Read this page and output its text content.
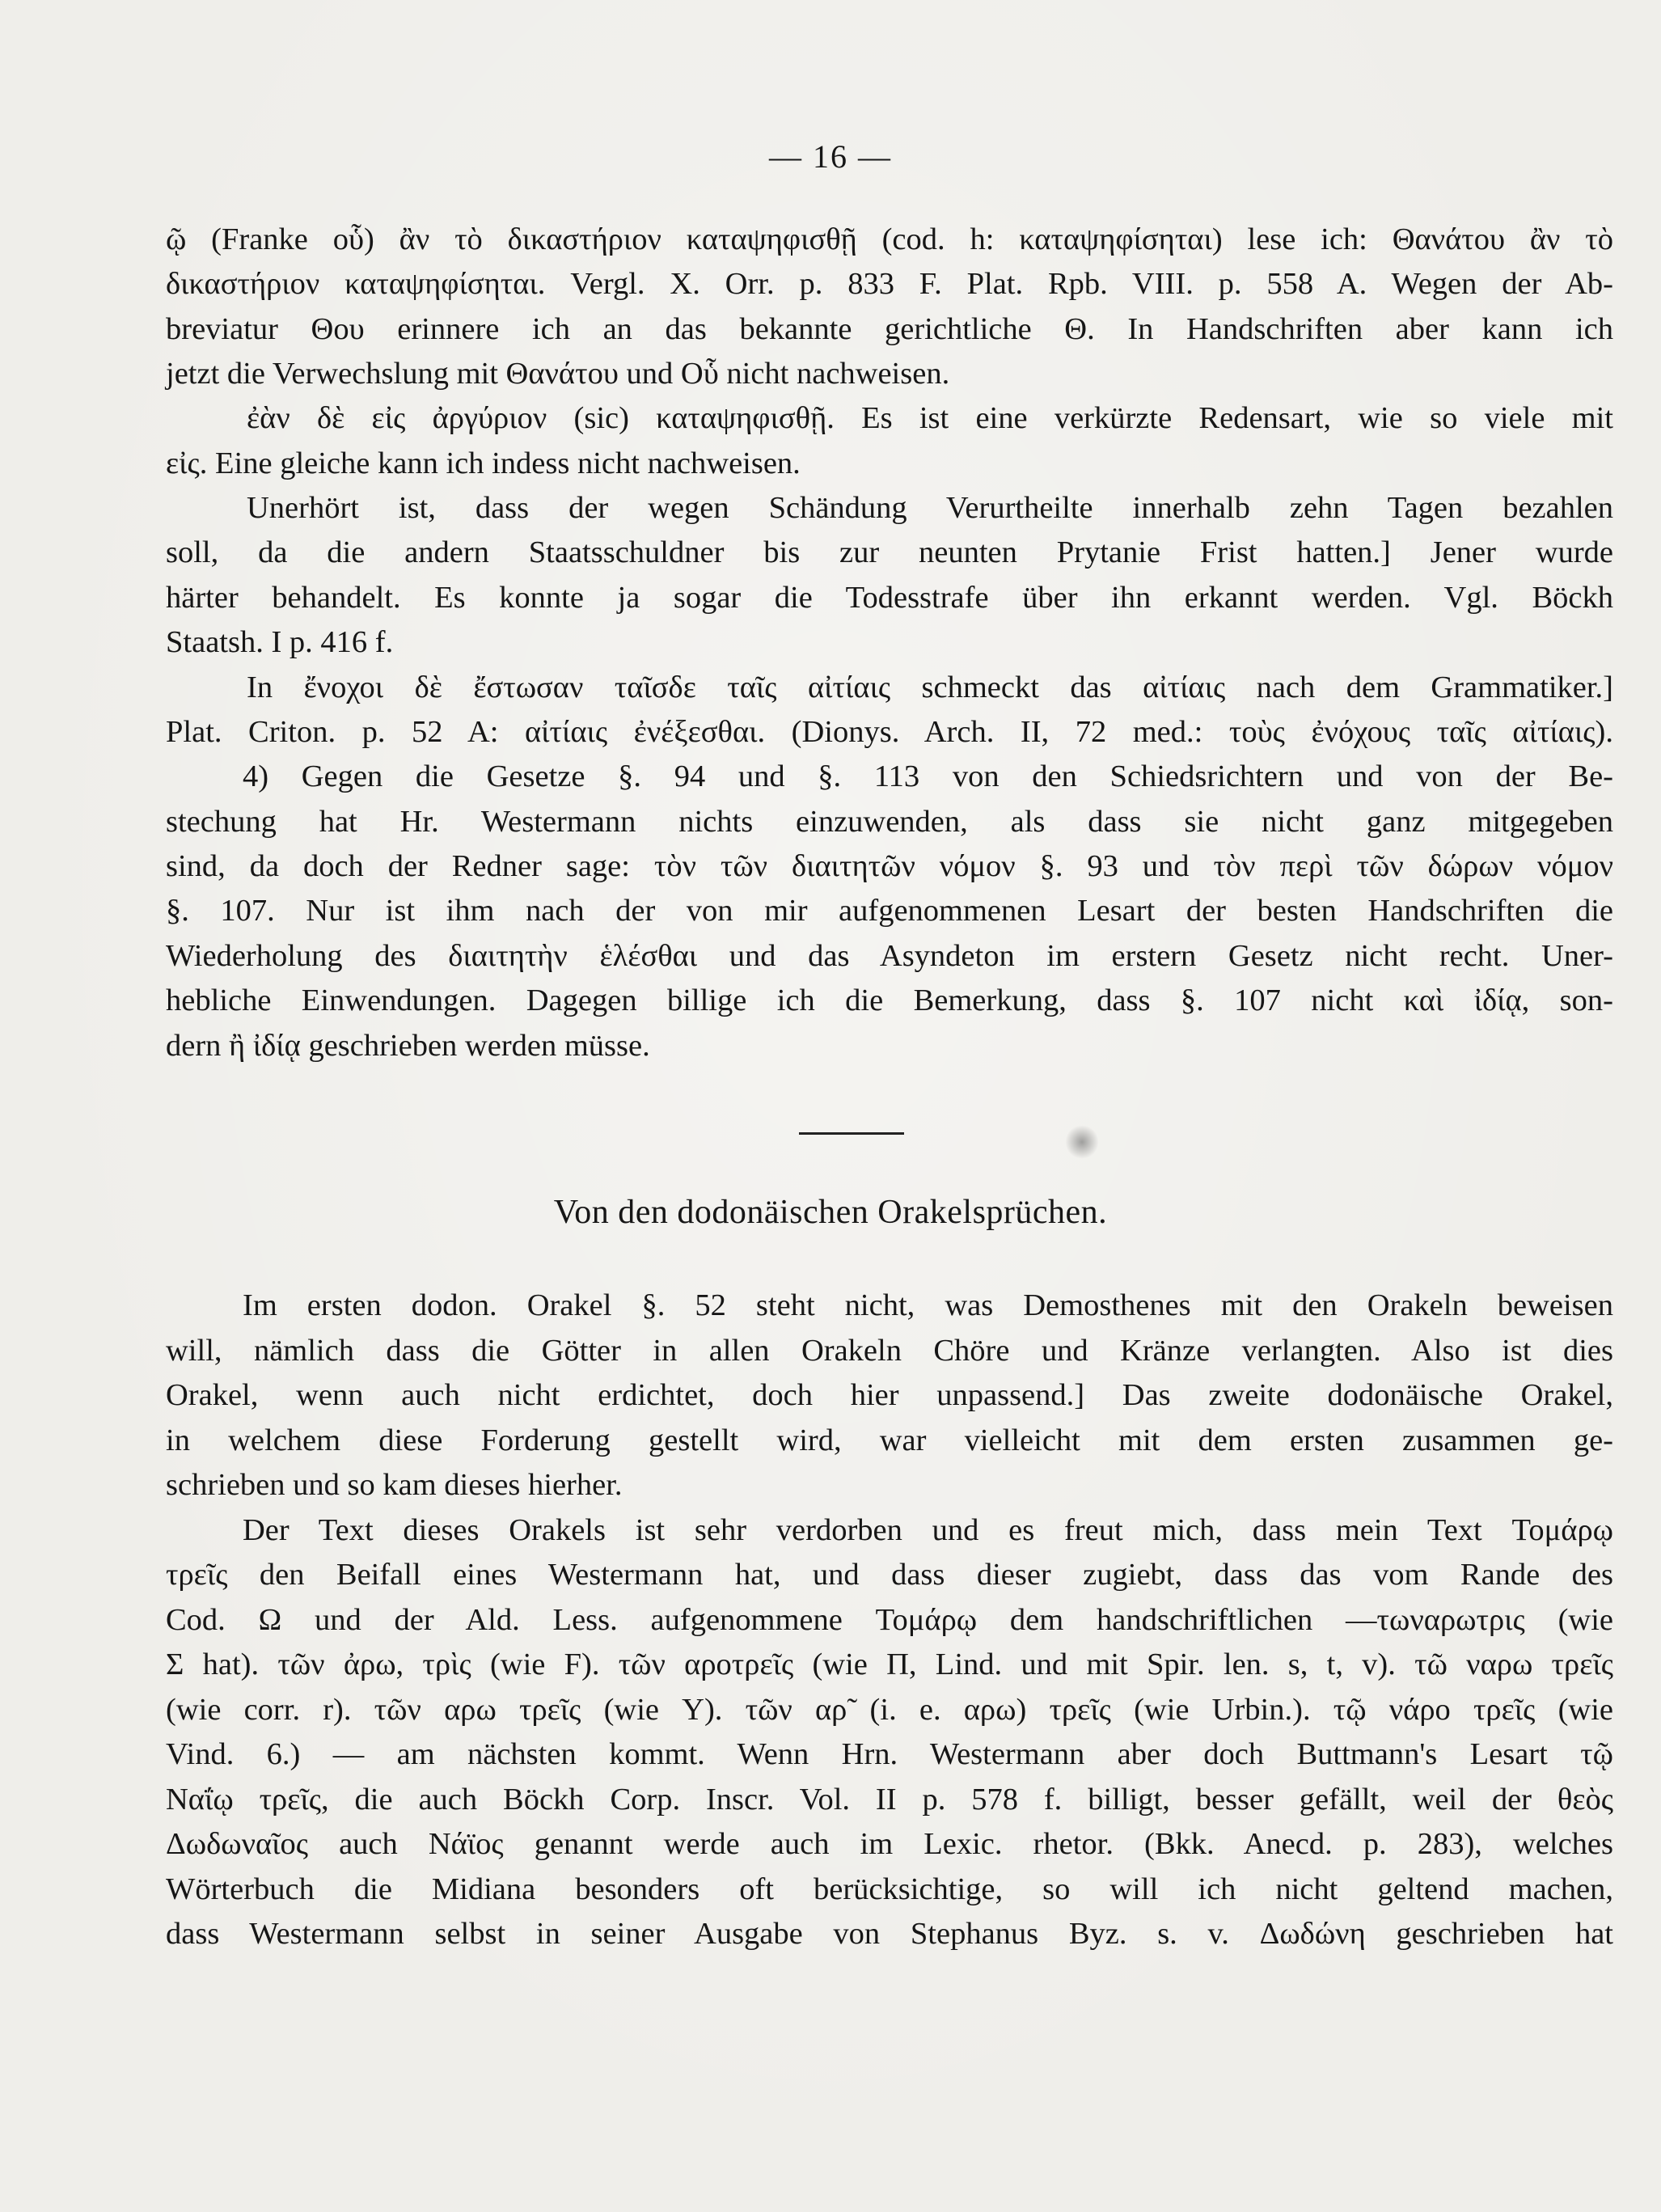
— 16 —
ῷ (Franke οὗ) ἂν τὸ δικαστήριον καταψηφισθῇ (cod. h: καταψηφίσηται) lese ich: Θανάτου ἂν τὸ
δικαστήριον καταψηφίσηται. Vergl. X. Orr. p. 833 F. Plat. Rpb. VIII. p. 558 A. Wegen der Ab-
breviatur Θου erinnere ich an das bekannte gerichtliche Θ. In Handschriften aber kann ich
jetzt die Verwechslung mit Θανάτου und Οὗ nicht nachweisen.
ἐὰν δὲ εἰς ἀργύριον (sic) καταψηφισθῇ. Es ist eine verkürzte Redensart, wie so viele mit
εἰς. Eine gleiche kann ich indess nicht nachweisen.
Unerhört ist, dass der wegen Schändung Verurtheilte innerhalb zehn Tagen bezahlen
soll, da die andern Staatsschuldner bis zur neunten Prytanie Frist hatten.] Jener wurde
härter behandelt. Es konnte ja sogar die Todesstrafe über ihn erkannt werden. Vgl. Böckh
Staatsh. I p. 416 f.
In ἔνοχοι δὲ ἔστωσαν ταῖσδε ταῖς αἰτίαις schmeckt das αἰτίαις nach dem Grammatiker.]
Plat. Criton. p. 52 A: αἰτίαις ἐνέξεσθαι. (Dionys. Arch. II, 72 med.: τοὺς ἐνόχους ταῖς αἰτίαις).
4) Gegen die Gesetze §. 94 und §. 113 von den Schiedsrichtern und von der Be-
stechung hat Hr. Westermann nichts einzuwenden, als dass sie nicht ganz mitgegeben
sind, da doch der Redner sage: τὸν τῶν διαιτητῶν νόμον §. 93 und τὸν περὶ τῶν δώρων νόμον
§. 107. Nur ist ihm nach der von mir aufgenommenen Lesart der besten Handschriften die
Wiederholung des διαιτητὴν ἑλέσθαι und das Asyndeton im erstern Gesetz nicht recht. Uner-
hebliche Einwendungen. Dagegen billige ich die Bemerkung, dass §. 107 nicht καὶ ἰδίᾳ, son-
dern ἢ ἰδίᾳ geschrieben werden müsse.
Von den dodonäischen Orakelsprüchen.
Im ersten dodon. Orakel §. 52 steht nicht, was Demosthenes mit den Orakeln beweisen
will, nämlich dass die Götter in allen Orakeln Chöre und Kränze verlangten. Also ist dies
Orakel, wenn auch nicht erdichtet, doch hier unpassend.] Das zweite dodonäische Orakel,
in welchem diese Forderung gestellt wird, war vielleicht mit dem ersten zusammen ge-
schrieben und so kam dieses hierher.
Der Text dieses Orakels ist sehr verdorben und es freut mich, dass mein Text Τομάρῳ
τρεῖς den Beifall eines Westermann hat, und dass dieser zugiebt, dass das vom Rande des
Cod. Ω und der Ald. Less. aufgenommene Τομάρῳ dem handschriftlichen —τωναρωτρις (wie
Σ hat). τῶν ἀρω, τρὶς (wie F). τῶν αροτρεῖς (wie Π, Lind. und mit Spir. len. s, t, v). τῶ ναρω τρεῖς
(wie corr. r). τῶν αρω τρεῖς (wie Υ). τῶν αρ̃ (i. e. αρω) τρεῖς (wie Urbin.). τῷ νάρο τρεῖς (wie
Vind. 6.) — am nächsten kommt. Wenn Hrn. Westermann aber doch Buttmann's Lesart τῷ
Ναΐῳ τρεῖς, die auch Böckh Corp. Inscr. Vol. II p. 578 f. billigt, besser gefällt, weil der θεὸς
Δωδωναῖος auch Νάϊος genannt werde auch im Lexic. rhetor. (Bkk. Anecd. p. 283), welches
Wörterbuch die Midiana besonders oft berücksichtige, so will ich nicht geltend machen,
dass Westermann selbst in seiner Ausgabe von Stephanus Byz. s. v. Δωδώνη geschrieben hat
